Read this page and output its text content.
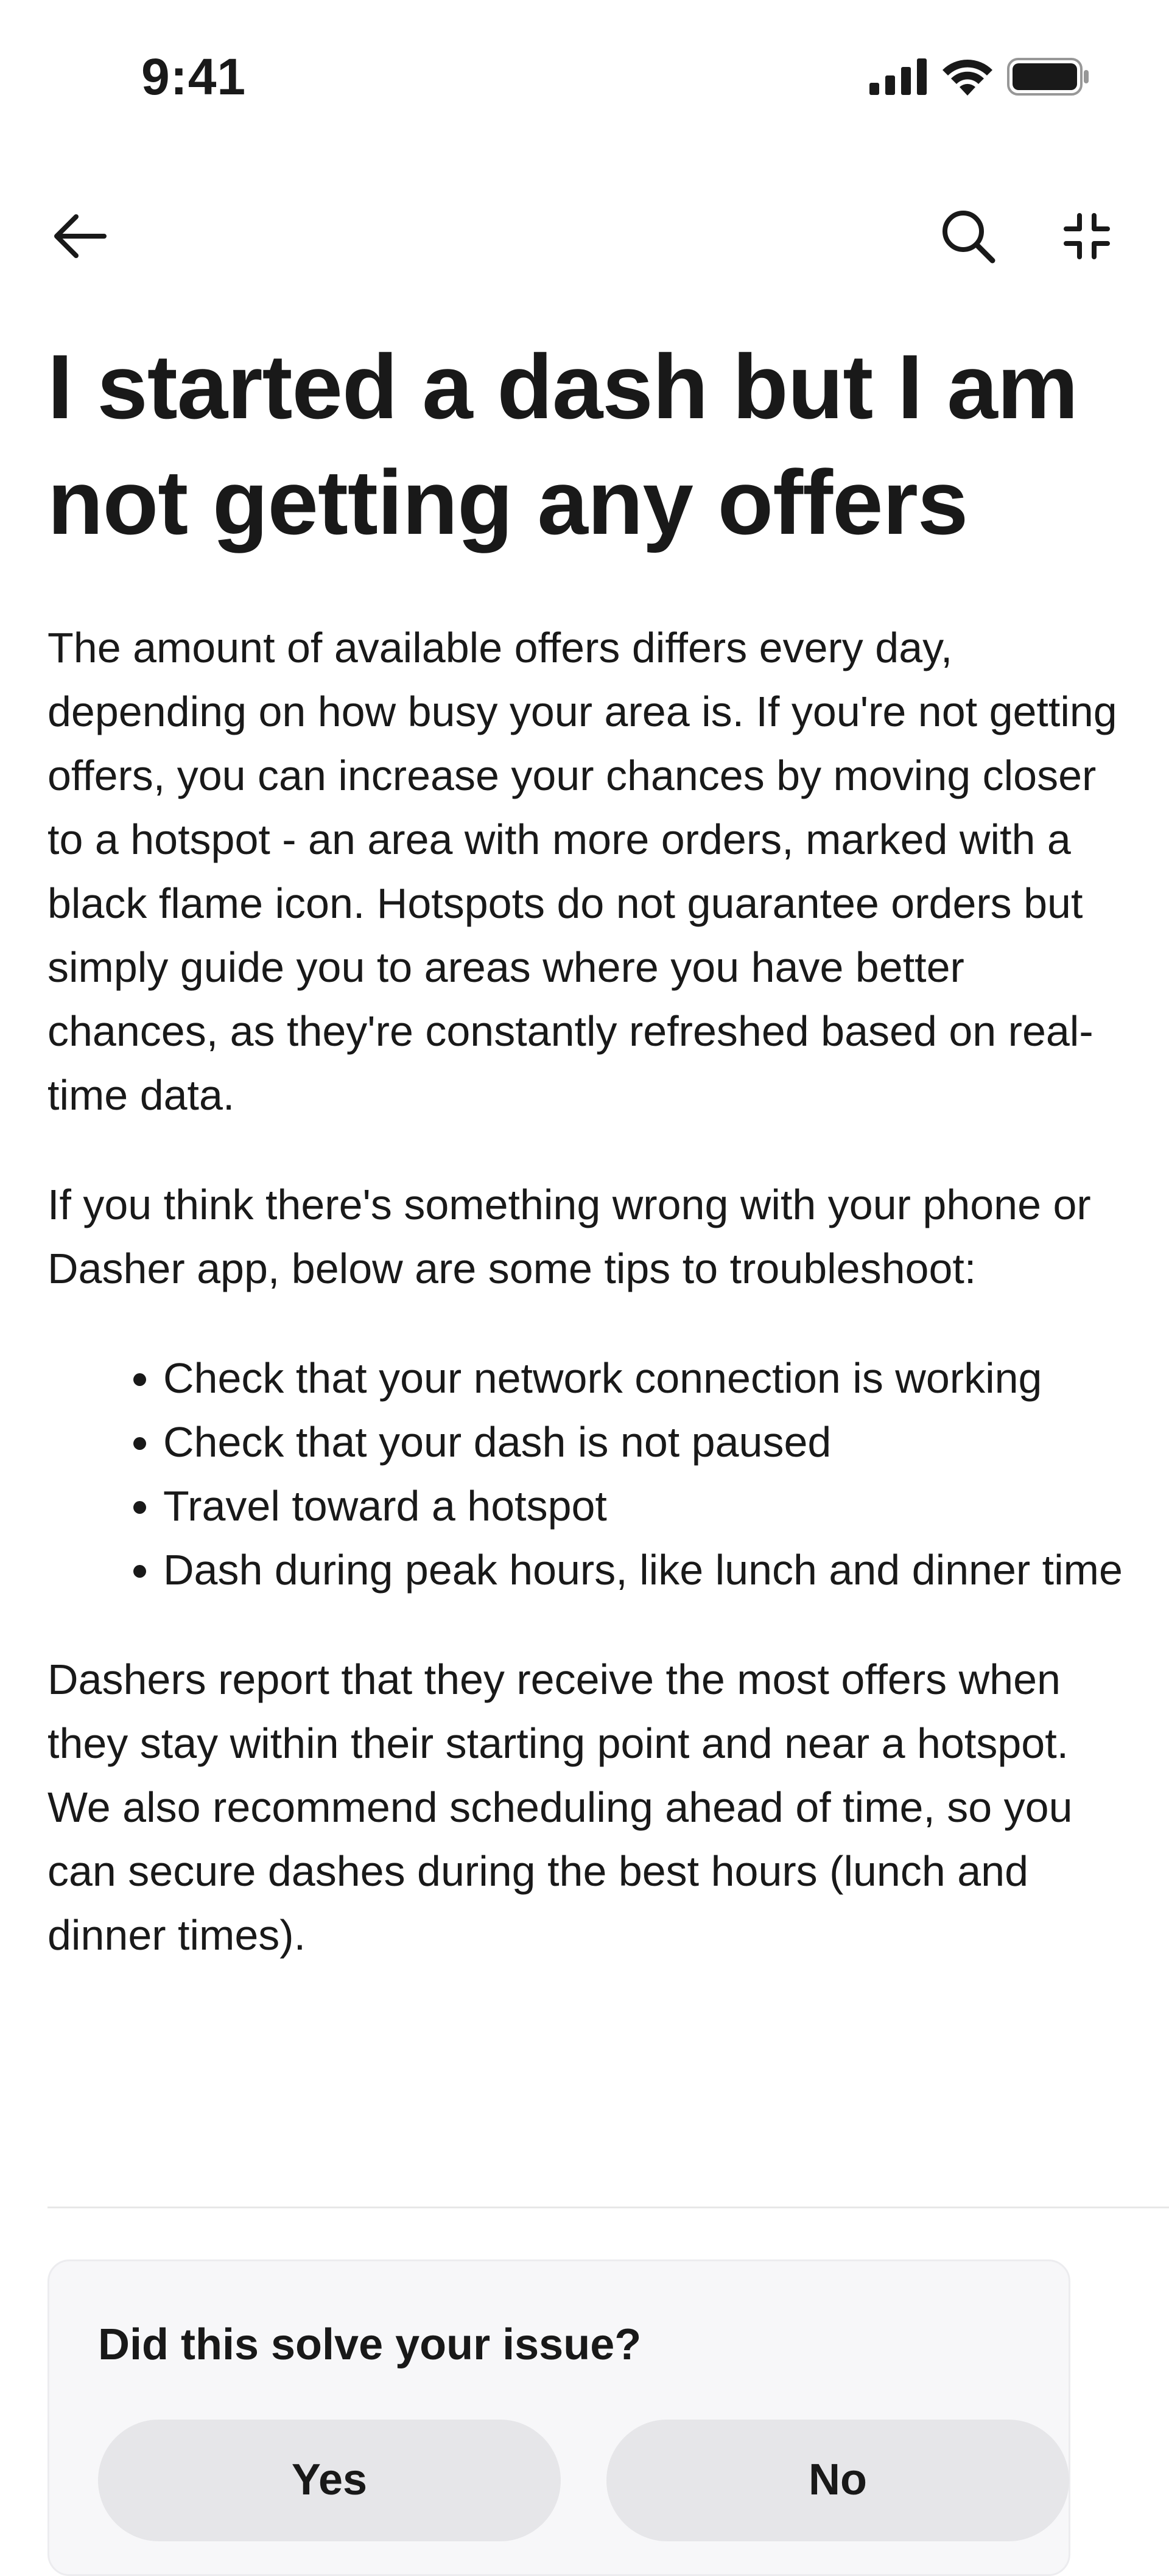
9:41
I started a dash but I am not getting any offers

The amount of available offers differs every day, depending on how busy your area is. If you're not getting offers, you can increase your chances by moving closer to a hotspot - an area with more orders, marked with a black flame icon. Hotspots do not guarantee orders but simply guide you to areas where you have better chances, as they're constantly refreshed based on real-time data.

If you think there's something wrong with your phone or Dasher app, below are some tips to troubleshoot:

• Check that your network connection is working
• Check that your dash is not paused
• Travel toward a hotspot
• Dash during peak hours, like lunch and dinner time

Dashers report that they receive the most offers when they stay within their starting point and near a hotspot. We also recommend scheduling ahead of time, so you can secure dashes during the best hours (lunch and dinner times).

Did this solve your issue?
Yes	No
